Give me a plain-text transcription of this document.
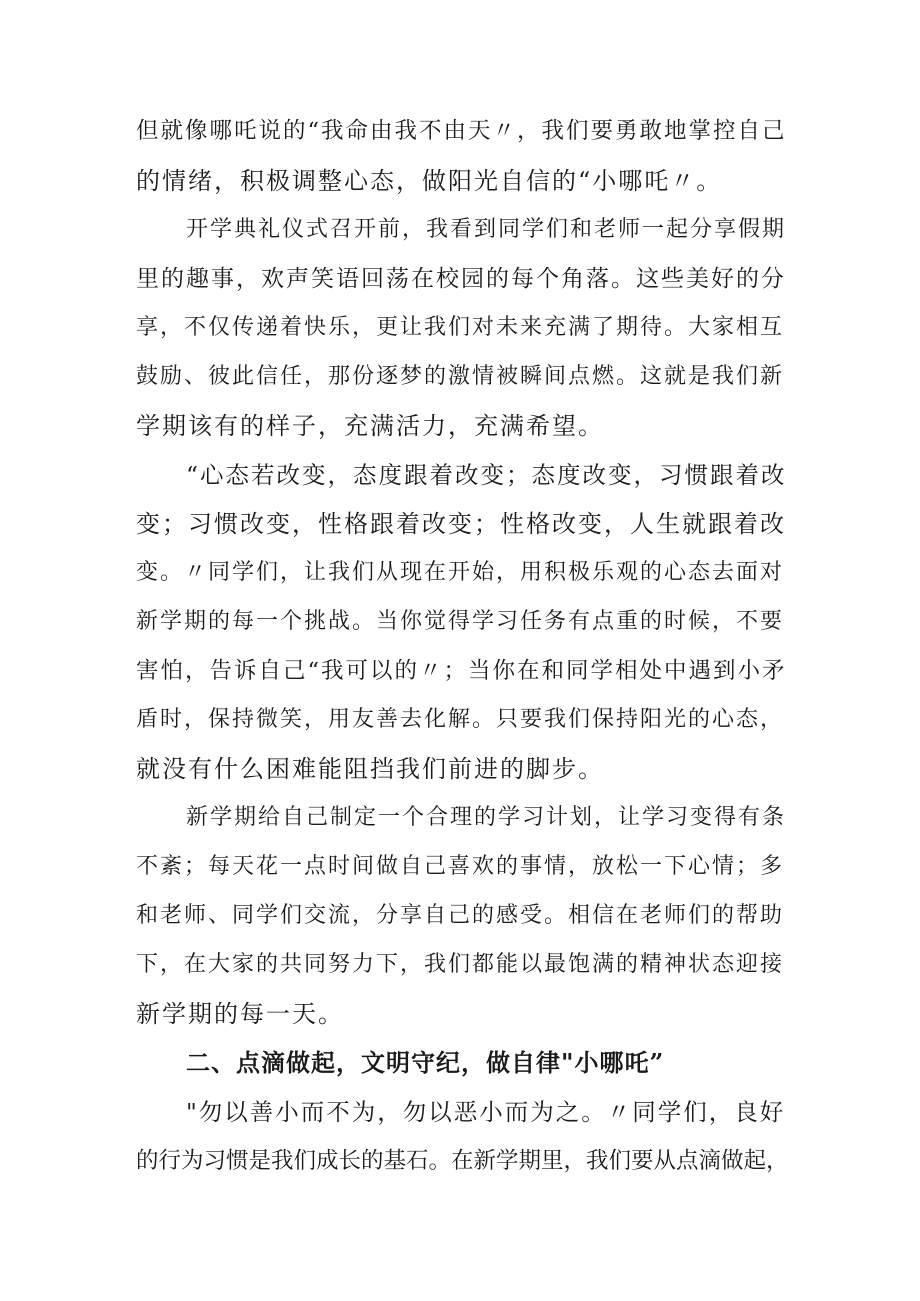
但就像哪吒说的“我命由我不由天〃，我们要勇敢地掌控自己
的情绪，积极调整心态，做阳光自信的“小哪吒〃。
开学典礼仪式召开前，我看到同学们和老师一起分享假期
里的趣事，欢声笑语回荡在校园的每个角落。这些美好的分
享，不仅传递着快乐，更让我们对未来充满了期待。大家相互
鼓励、彼此信任，那份逐梦的激情被瞬间点燃。这就是我们新
学期该有的样子，充满活力，充满希望。
“心态若改变，态度跟着改变；态度改变，习惯跟着改
变；习惯改变，性格跟着改变；性格改变，人生就跟着改
变。〃同学们，让我们从现在开始，用积极乐观的心态去面对
新学期的每一个挑战。当你觉得学习任务有点重的时候，不要
害怕，告诉自己“我可以的〃；当你在和同学相处中遇到小矛
盾时，保持微笑，用友善去化解。只要我们保持阳光的心态，
就没有什么困难能阻挡我们前进的脚步。
新学期给自己制定一个合理的学习计划，让学习变得有条
不紊；每天花一点时间做自己喜欢的事情，放松一下心情；多
和老师、同学们交流，分享自己的感受。相信在老师们的帮助
下，在大家的共同努力下，我们都能以最饱满的精神状态迎接
新学期的每一天。
二、点滴做起，文明守纪，做自律"小哪吒”
"勿以善小而不为，勿以恶小而为之。〃同学们，良好
的行为习惯是我们成长的基石。在新学期里，我们要从点滴做起，
